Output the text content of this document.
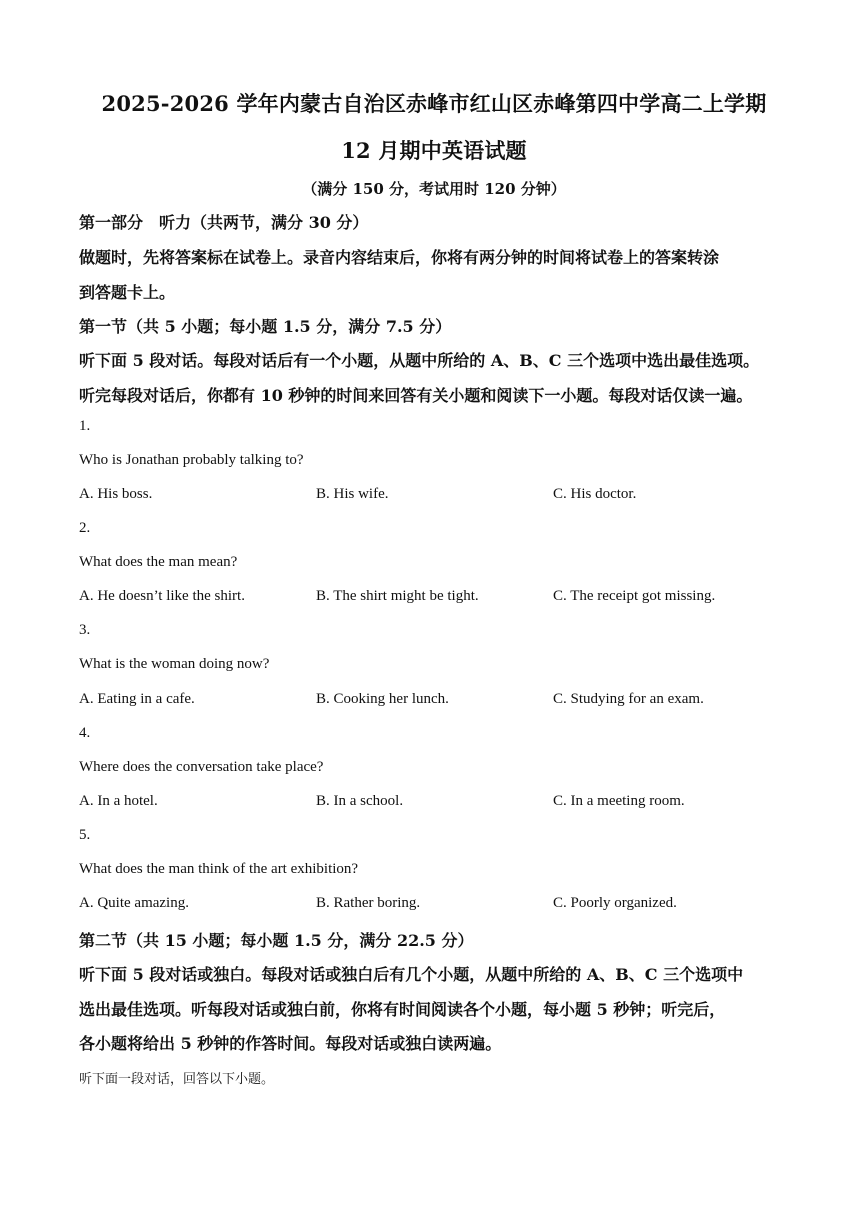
2025-2026 学年内蒙古自治区赤峰市红山区赤峰第四中学高二上学期
12 月期中英语试题
（满分 150 分，考试用时 120 分钟）
第一部分　听力（共两节，满分 30 分）
做题时，先将答案标在试卷上。录音内容结束后，你将有两分钟的时间将试卷上的答案转涂
到答题卡上。
第一节（共 5 小题；每小题 1.5 分，满分 7.5 分）
听下面 5 段对话。每段对话后有一个小题，从题中所给的 A、B、C 三个选项中选出最佳选项。
听完每段对话后，你都有 10 秒钟的时间来回答有关小题和阅读下一小题。每段对话仅读一遍。
1.
Who is Jonathan probably talking to?
A. His boss.	B. His wife.	C. His doctor.
2.
What does the man mean?
A. He doesn’t like the shirt.	B. The shirt might be tight.	C. The receipt got missing.
3.
What is the woman doing now?
A. Eating in a cafe.	B. Cooking her lunch.	C. Studying for an exam.
4.
Where does the conversation take place?
A. In a hotel.	B. In a school.	C. In a meeting room.
5.
What does the man think of the art exhibition?
A. Quite amazing.	B. Rather boring.	C. Poorly organized.
第二节（共 15 小题；每小题 1.5 分，满分 22.5 分）
听下面 5 段对话或独白。每段对话或独白后有几个小题，从题中所给的 A、B、C 三个选项中
选出最佳选项。听每段对话或独白前，你将有时间阅读各个小题，每小题 5 秒钟；听完后，
各小题将给出 5 秒钟的作答时间。每段对话或独白读两遍。
听下面一段对话，回答以下小题。
